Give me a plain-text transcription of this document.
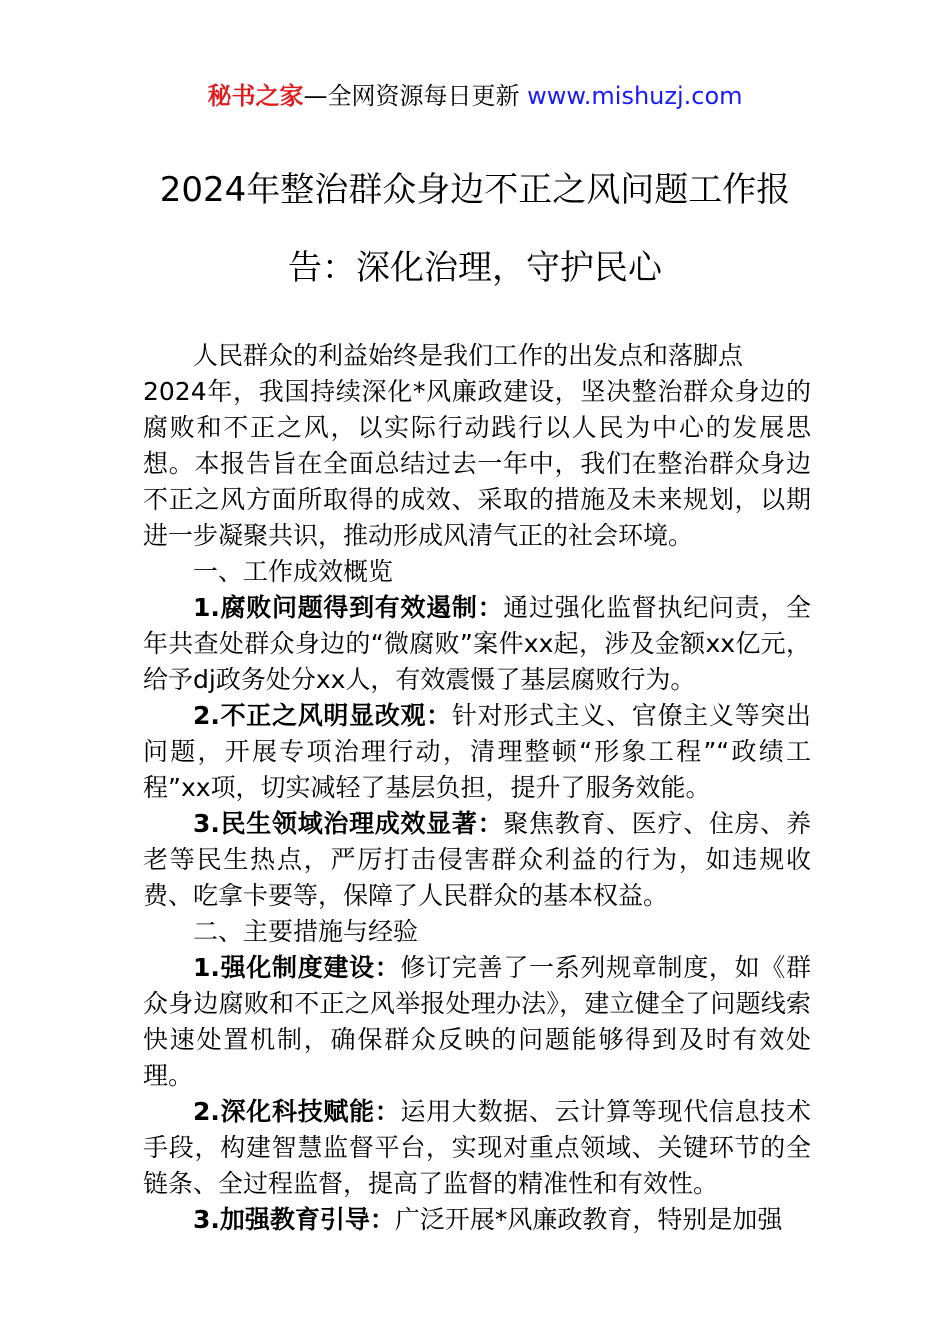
秘书之家—全网资源每日更新 www.mishuzj.com
2024年整治群众身边不正之风问题工作报
告：深化治理，守护民心

人民群众的利益始终是我们工作的出发点和落脚点
2024年，我国持续深化*风廉政建设，坚决整治群众身边的腐败和不正之风，以实际行动践行以人民为中心的发展思想。本报告旨在全面总结过去一年中，我们在整治群众身边不正之风方面所取得的成效、采取的措施及未来规划，以期进一步凝聚共识，推动形成风清气正的社会环境。

一、工作成效概览

1.腐败问题得到有效遏制：通过强化监督执纪问责，全年共查处群众身边的“微腐败”案件xx起，涉及金额xx亿元，给予dj政务处分xx人，有效震慑了基层腐败行为。

2.不正之风明显改观：针对形式主义、官僚主义等突出问题，开展专项治理行动，清理整顿“形象工程”“政绩工程”xx项，切实减轻了基层负担，提升了服务效能。

3.民生领域治理成效显著：聚焦教育、医疗、住房、养老等民生热点，严厉打击侵害群众利益的行为，如违规收费、吃拿卡要等，保障了人民群众的基本权益。

二、主要措施与经验

1.强化制度建设：修订完善了一系列规章制度，如《群众身边腐败和不正之风举报处理办法》，建立健全了问题线索快速处置机制，确保群众反映的问题能够得到及时有效处理。

2.深化科技赋能：运用大数据、云计算等现代信息技术手段，构建智慧监督平台，实现对重点领域、关键环节的全链条、全过程监督，提高了监督的精准性和有效性。

3.加强教育引导：广泛开展*风廉政教育，特别是加强
